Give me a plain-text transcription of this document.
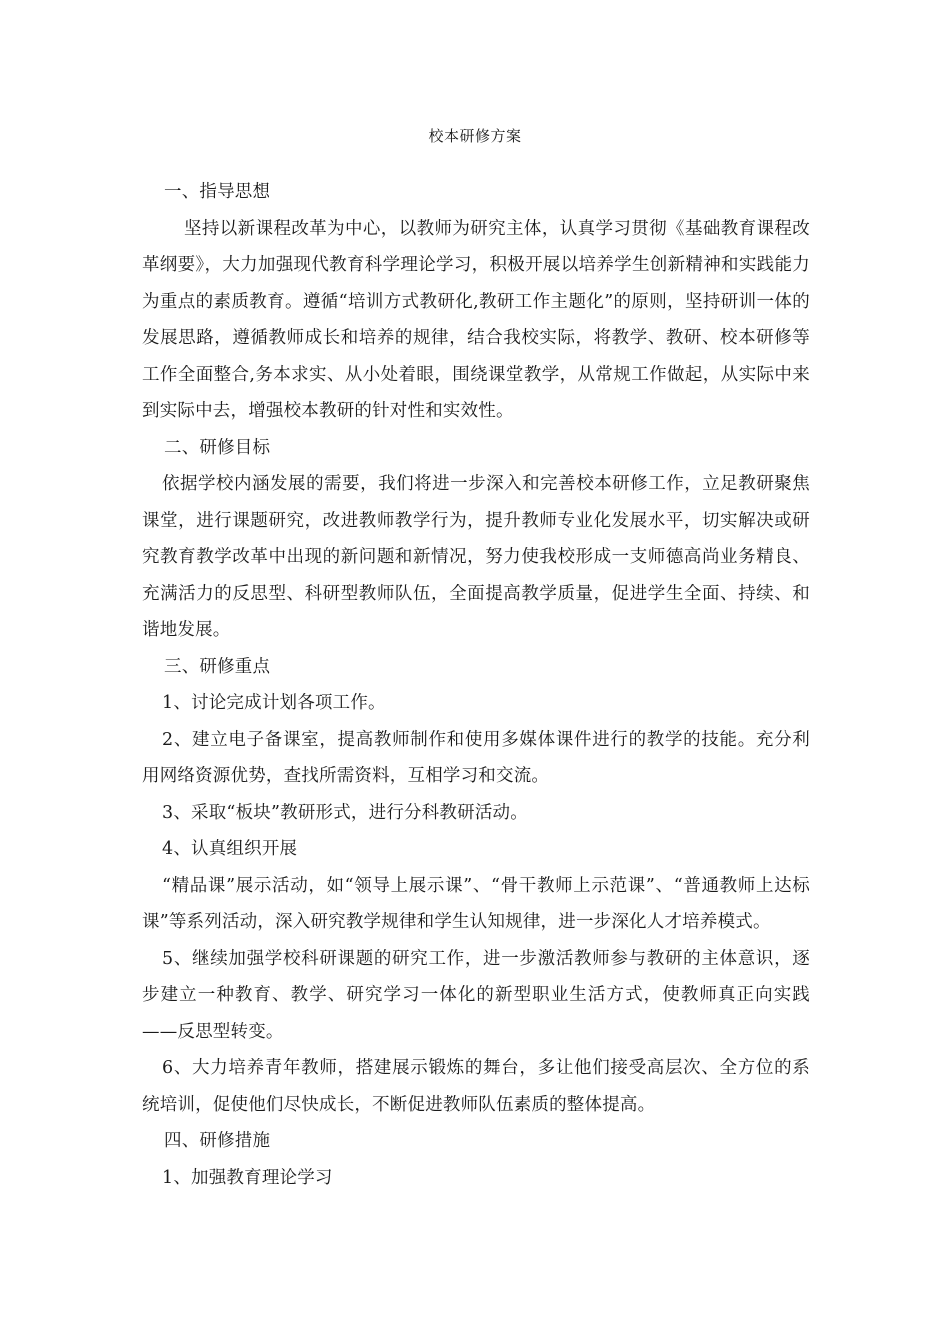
校本研修方案

一、指导思想

坚持以新课程改革为中心，以教师为研究主体，认真学习贯彻《基础教育课程改革纲要》，大力加强现代教育科学理论学习，积极开展以培养学生创新精神和实践能力为重点的素质教育。遵循“培训方式教研化,教研工作主题化”的原则，坚持研训一体的发展思路，遵循教师成长和培养的规律，结合我校实际，将教学、教研、校本研修等工作全面整合,务本求实、从小处着眼，围绕课堂教学，从常规工作做起，从实际中来到实际中去，增强校本教研的针对性和实效性。

二、研修目标

依据学校内涵发展的需要，我们将进一步深入和完善校本研修工作，立足教研聚焦课堂，进行课题研究，改进教师教学行为，提升教师专业化发展水平，切实解决或研究教育教学改革中出现的新问题和新情况，努力使我校形成一支师德高尚业务精良、充满活力的反思型、科研型教师队伍，全面提高教学质量，促进学生全面、持续、和谐地发展。

三、研修重点

1、讨论完成计划各项工作。

2、建立电子备课室，提高教师制作和使用多媒体课件进行的教学的技能。充分利用网络资源优势，查找所需资料，互相学习和交流。

3、采取“板块”教研形式，进行分科教研活动。

4、认真组织开展

“精品课”展示活动，如“领导上展示课”、“骨干教师上示范课”、“普通教师上达标课”等系列活动，深入研究教学规律和学生认知规律，进一步深化人才培养模式。

5、继续加强学校科研课题的研究工作，进一步激活教师参与教研的主体意识，逐步建立一种教育、教学、研究学习一体化的新型职业生活方式，使教师真正向实践——反思型转变。

6、大力培养青年教师，搭建展示锻炼的舞台，多让他们接受高层次、全方位的系统培训，促使他们尽快成长，不断促进教师队伍素质的整体提高。

四、研修措施

1、加强教育理论学习
